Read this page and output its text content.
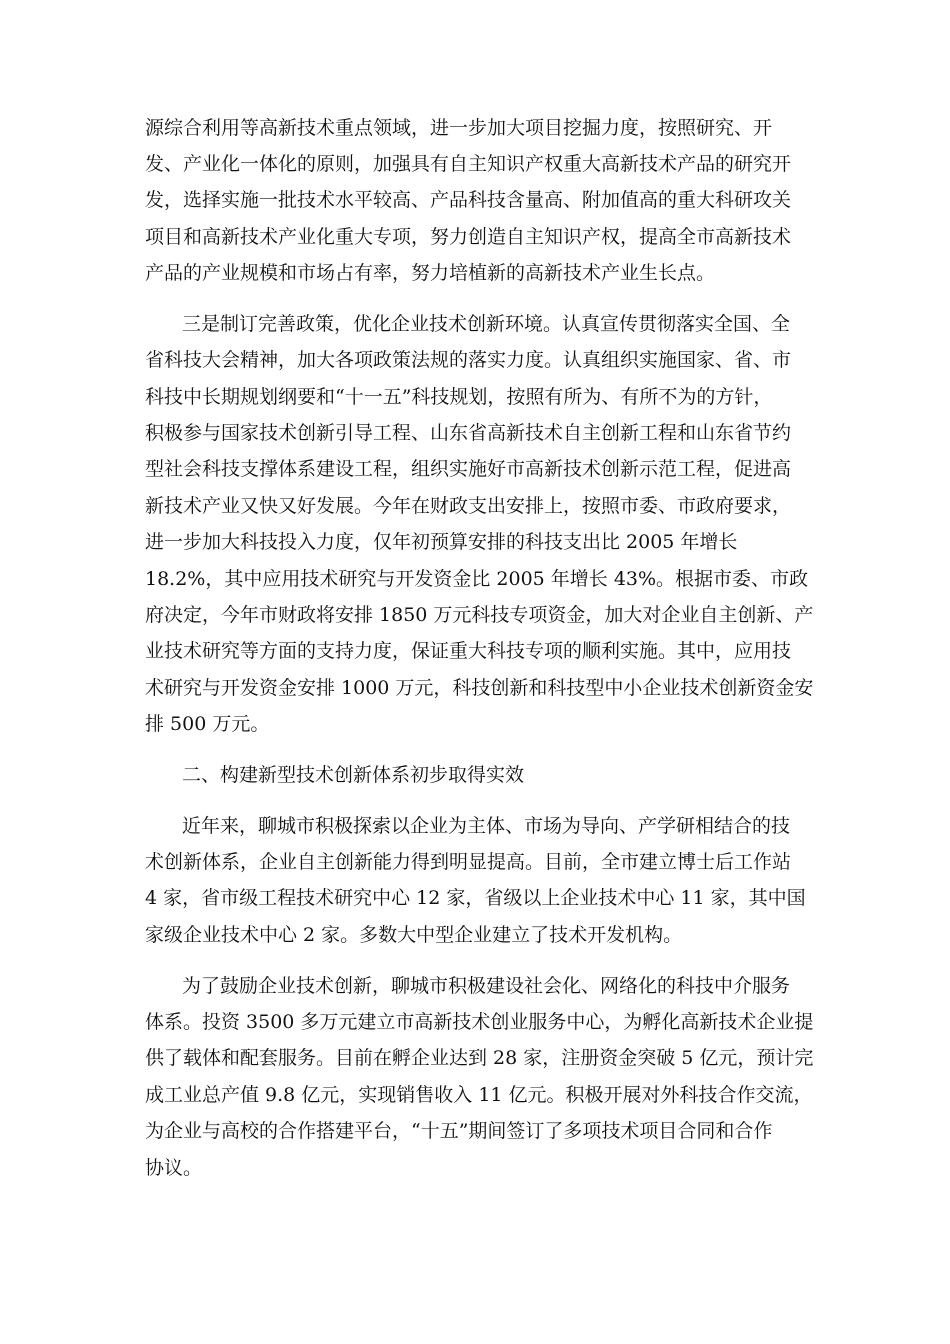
源综合利用等高新技术重点领域，进一步加大项目挖掘力度，按照研究、开

发、产业化一体化的原则，加强具有自主知识产权重大高新技术产品的研究开

发，选择实施一批技术水平较高、产品科技含量高、附加值高的重大科研攻关

项目和高新技术产业化重大专项，努力创造自主知识产权，提高全市高新技术

产品的产业规模和市场占有率，努力培植新的高新技术产业生长点。

三是制订完善政策，优化企业技术创新环境。认真宣传贯彻落实全国、全

省科技大会精神，加大各项政策法规的落实力度。认真组织实施国家、省、市

科技中长期规划纲要和“十一五”科技规划，按照有所为、有所不为的方针，

积极参与国家技术创新引导工程、山东省高新技术自主创新工程和山东省节约

型社会科技支撑体系建设工程，组织实施好市高新技术创新示范工程，促进高

新技术产业又快又好发展。今年在财政支出安排上，按照市委、市政府要求，

进一步加大科技投入力度，仅年初预算安排的科技支出比 2005 年增长

18.2%，其中应用技术研究与开发资金比 2005 年增长 43%。根据市委、市政

府决定，今年市财政将安排 1850 万元科技专项资金，加大对企业自主创新、产

业技术研究等方面的支持力度，保证重大科技专项的顺利实施。其中，应用技

术研究与开发资金安排 1000 万元，科技创新和科技型中小企业技术创新资金安

排 500 万元。

二、构建新型技术创新体系初步取得实效

近年来，聊城市积极探索以企业为主体、市场为导向、产学研相结合的技

术创新体系，企业自主创新能力得到明显提高。目前，全市建立博士后工作站

4 家，省市级工程技术研究中心 12 家，省级以上企业技术中心 11 家，其中国

家级企业技术中心 2 家。多数大中型企业建立了技术开发机构。

为了鼓励企业技术创新，聊城市积极建设社会化、网络化的科技中介服务

体系。投资 3500 多万元建立市高新技术创业服务中心，为孵化高新技术企业提

供了载体和配套服务。目前在孵企业达到 28 家，注册资金突破 5 亿元，预计完

成工业总产值 9.8 亿元，实现销售收入 11 亿元。积极开展对外科技合作交流，

为企业与高校的合作搭建平台，“十五”期间签订了多项技术项目合同和合作

协议。
